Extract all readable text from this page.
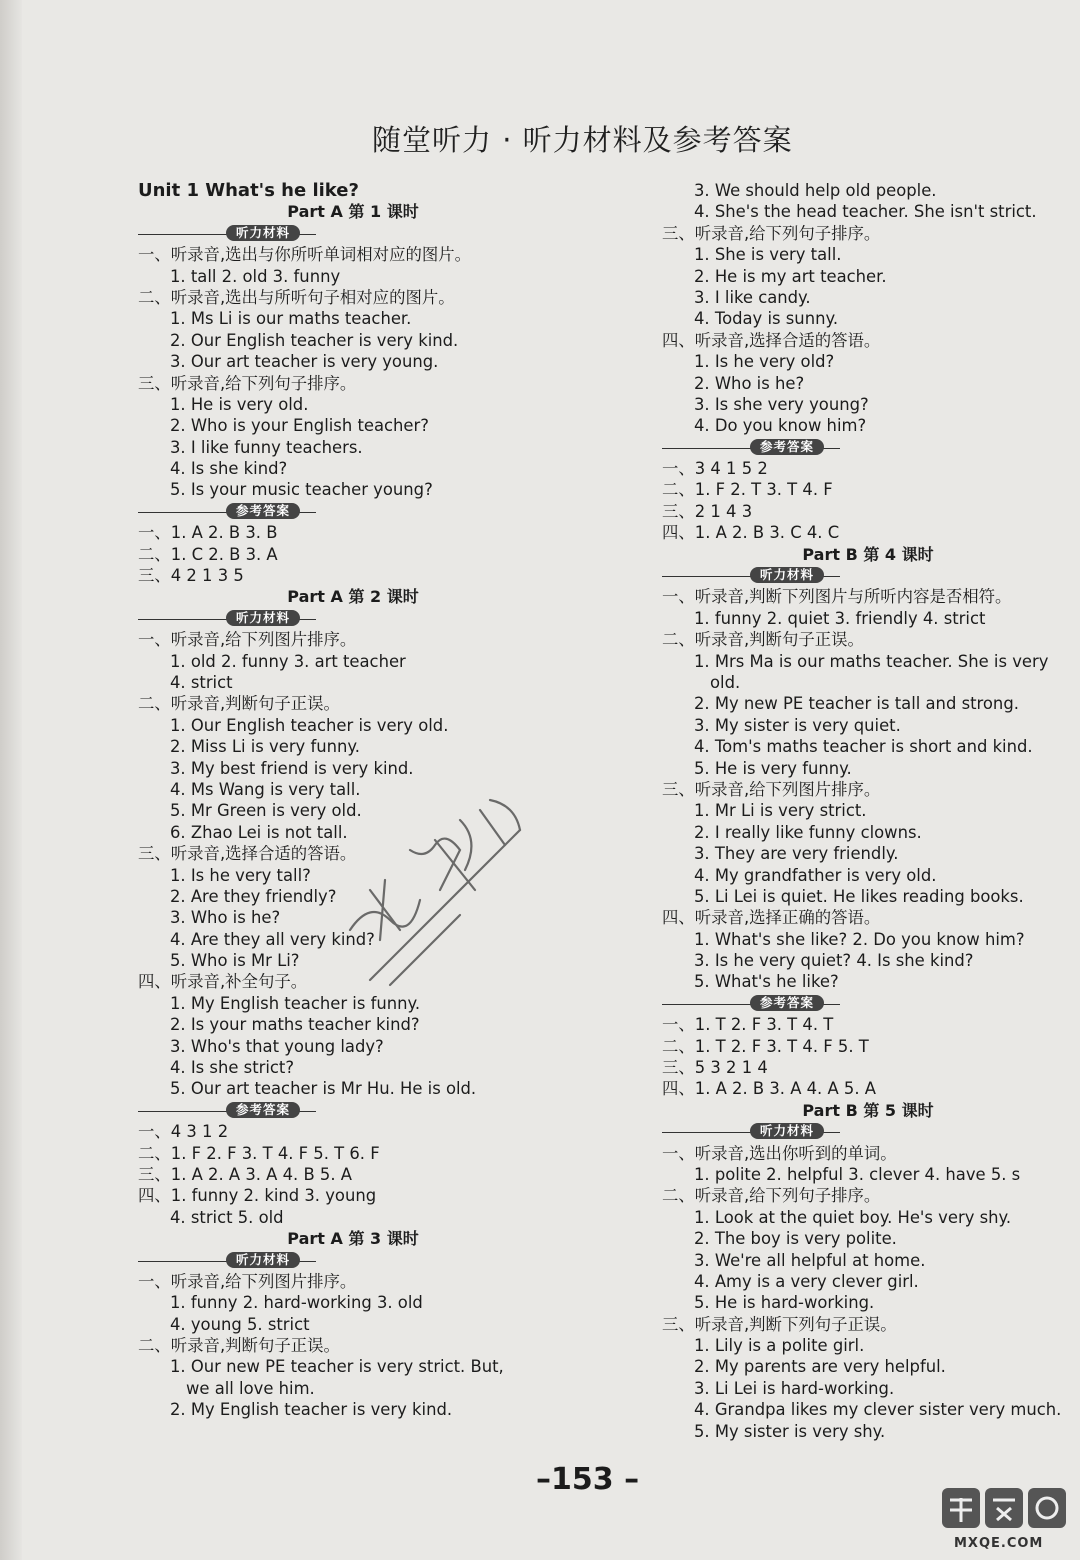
随堂听力 · 听力材料及参考答案
Unit 1 What's he like?
Part A 第 1 课时
听力材料
一、听录音,选出与你所听单词相对应的图片。
1. tall 2. old 3. funny
二、听录音,选出与所听句子相对应的图片。
1. Ms Li is our maths teacher.
2. Our English teacher is very kind.
3. Our art teacher is very young.
三、听录音,给下列句子排序。
1. He is very old.
2. Who is your English teacher?
3. I like funny teachers.
4. Is she kind?
5. Is your music teacher young?
参考答案
一、1. A 2. B 3. B
二、1. C 2. B 3. A
三、4 2 1 3 5
Part A 第 2 课时
听力材料
一、听录音,给下列图片排序。
1. old 2. funny 3. art teacher
4. strict
二、听录音,判断句子正误。
1. Our English teacher is very old.
2. Miss Li is very funny.
3. My best friend is very kind.
4. Ms Wang is very tall.
5. Mr Green is very old.
6. Zhao Lei is not tall.
三、听录音,选择合适的答语。
1. Is he very tall?
2. Are they friendly?
3. Who is he?
4. Are they all very kind?
5. Who is Mr Li?
四、听录音,补全句子。
1. My English teacher is funny.
2. Is your maths teacher kind?
3. Who's that young lady?
4. Is she strict?
5. Our art teacher is Mr Hu. He is old.
参考答案
一、4 3 1 2
二、1. F 2. F 3. T 4. F 5. T 6. F
三、1. A 2. A 3. A 4. B 5. A
四、1. funny 2. kind 3. young
4. strict 5. old
Part A 第 3 课时
听力材料
一、听录音,给下列图片排序。
1. funny 2. hard-working 3. old
4. young 5. strict
二、听录音,判断句子正误。
1. Our new PE teacher is very strict. But,
we all love him.
2. My English teacher is very kind.
3. We should help old people.
4. She's the head teacher. She isn't strict.
三、听录音,给下列句子排序。
1. She is very tall.
2. He is my art teacher.
3. I like candy.
4. Today is sunny.
四、听录音,选择合适的答语。
1. Is he very old?
2. Who is he?
3. Is she very young?
4. Do you know him?
参考答案
一、3 4 1 5 2
二、1. F 2. T 3. T 4. F
三、2 1 4 3
四、1. A 2. B 3. C 4. C
Part B 第 4 课时
听力材料
一、听录音,判断下列图片与所听内容是否相符。
1. funny 2. quiet 3. friendly 4. strict
二、听录音,判断句子正误。
1. Mrs Ma is our maths teacher. She is very
old.
2. My new PE teacher is tall and strong.
3. My sister is very quiet.
4. Tom's maths teacher is short and kind.
5. He is very funny.
三、听录音,给下列图片排序。
1. Mr Li is very strict.
2. I really like funny clowns.
3. They are very friendly.
4. My grandfather is very old.
5. Li Lei is quiet. He likes reading books.
四、听录音,选择正确的答语。
1. What's she like? 2. Do you know him?
3. Is he very quiet? 4. Is she kind?
5. What's he like?
参考答案
一、1. T 2. F 3. T 4. T
二、1. T 2. F 3. T 4. F 5. T
三、5 3 2 1 4
四、1. A 2. B 3. A 4. A 5. A
Part B 第 5 课时
听力材料
一、听录音,选出你听到的单词。
1. polite 2. helpful 3. clever 4. have 5. s
二、听录音,给下列句子排序。
1. Look at the quiet boy. He's very shy.
2. The boy is very polite.
3. We're all helpful at home.
4. Amy is a very clever girl.
5. He is hard-working.
三、听录音,判断下列句子正误。
1. Lily is a polite girl.
2. My parents are very helpful.
3. Li Lei is hard-working.
4. Grandpa likes my clever sister very much.
5. My sister is very shy.
–153 –
MXQE.COM
